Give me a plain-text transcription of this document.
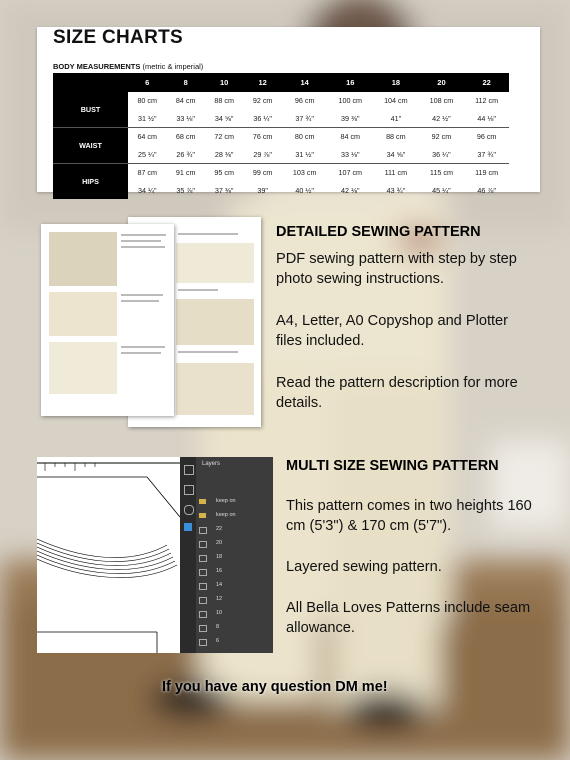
SIZE CHARTS
BODY MEASUREMENTS (metric & imperial)
	6	8	10	12	14	16	18	20	22
BUST	80 cm	84 cm	88 cm	92 cm	96 cm	100 cm	104 cm	108 cm	112 cm
	31 ½"	33 ⅛"	34 ⅝"	36 ¼"	37 ¾"	39 ⅜"	41"	42 ½"	44 ⅛"
WAIST	64 cm	68 cm	72 cm	76 cm	80 cm	84 cm	88 cm	92 cm	96 cm
	25 ¼"	26 ¾"	28 ⅜"	29 ⅞"	31 ½"	33 ⅛"	34 ⅝"	36 ¼"	37 ¾"
HIPS	87 cm	91 cm	95 cm	99 cm	103 cm	107 cm	111 cm	115 cm	119 cm
	34 ¼"	35 ⅞"	37 ⅜"	39"	40 ½"	42 ⅛"	43 ¾"	45 ¼"	46 ⅞"
DETAILED SEWING PATTERN
PDF sewing pattern with step by step photo sewing instructions.
A4, Letter, A0 Copyshop and Plotter files included.
Read the pattern description for more details.
Layers
keep on
keep on
22
20
18
16
14
12
10
8
6
MULTI SIZE SEWING PATTERN
This pattern comes in two heights 160 cm (5'3") & 170 cm (5'7").
Layered sewing pattern.
All Bella Loves Patterns include seam allowance.
If you have any question DM me!
